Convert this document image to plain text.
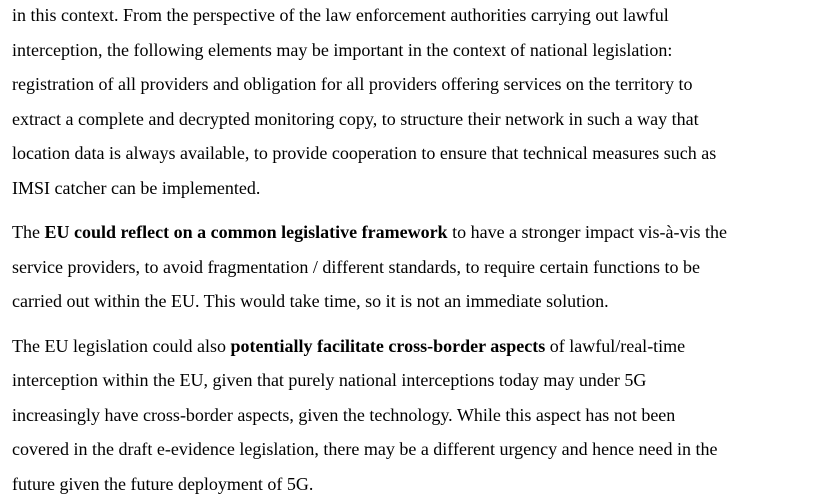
in this context. From the perspective of the law enforcement authorities carrying out lawful
interception, the following elements may be important in the context of national legislation:
registration of all providers and obligation for all providers offering services on the territory to
extract a complete and decrypted monitoring copy, to structure their network in such a way that
location data is always available, to provide cooperation to ensure that technical measures such as
IMSI catcher can be implemented.
The EU could reflect on a common legislative framework to have a stronger impact vis-à-vis the
service providers, to avoid fragmentation / different standards, to require certain functions to be
carried out within the EU. This would take time, so it is not an immediate solution.
The EU legislation could also potentially facilitate cross-border aspects of lawful/real-time
interception within the EU, given that purely national interceptions today may under 5G
increasingly have cross-border aspects, given the technology. While this aspect has not been
covered in the draft e-evidence legislation, there may be a different urgency and hence need in the
future given the future deployment of 5G.
